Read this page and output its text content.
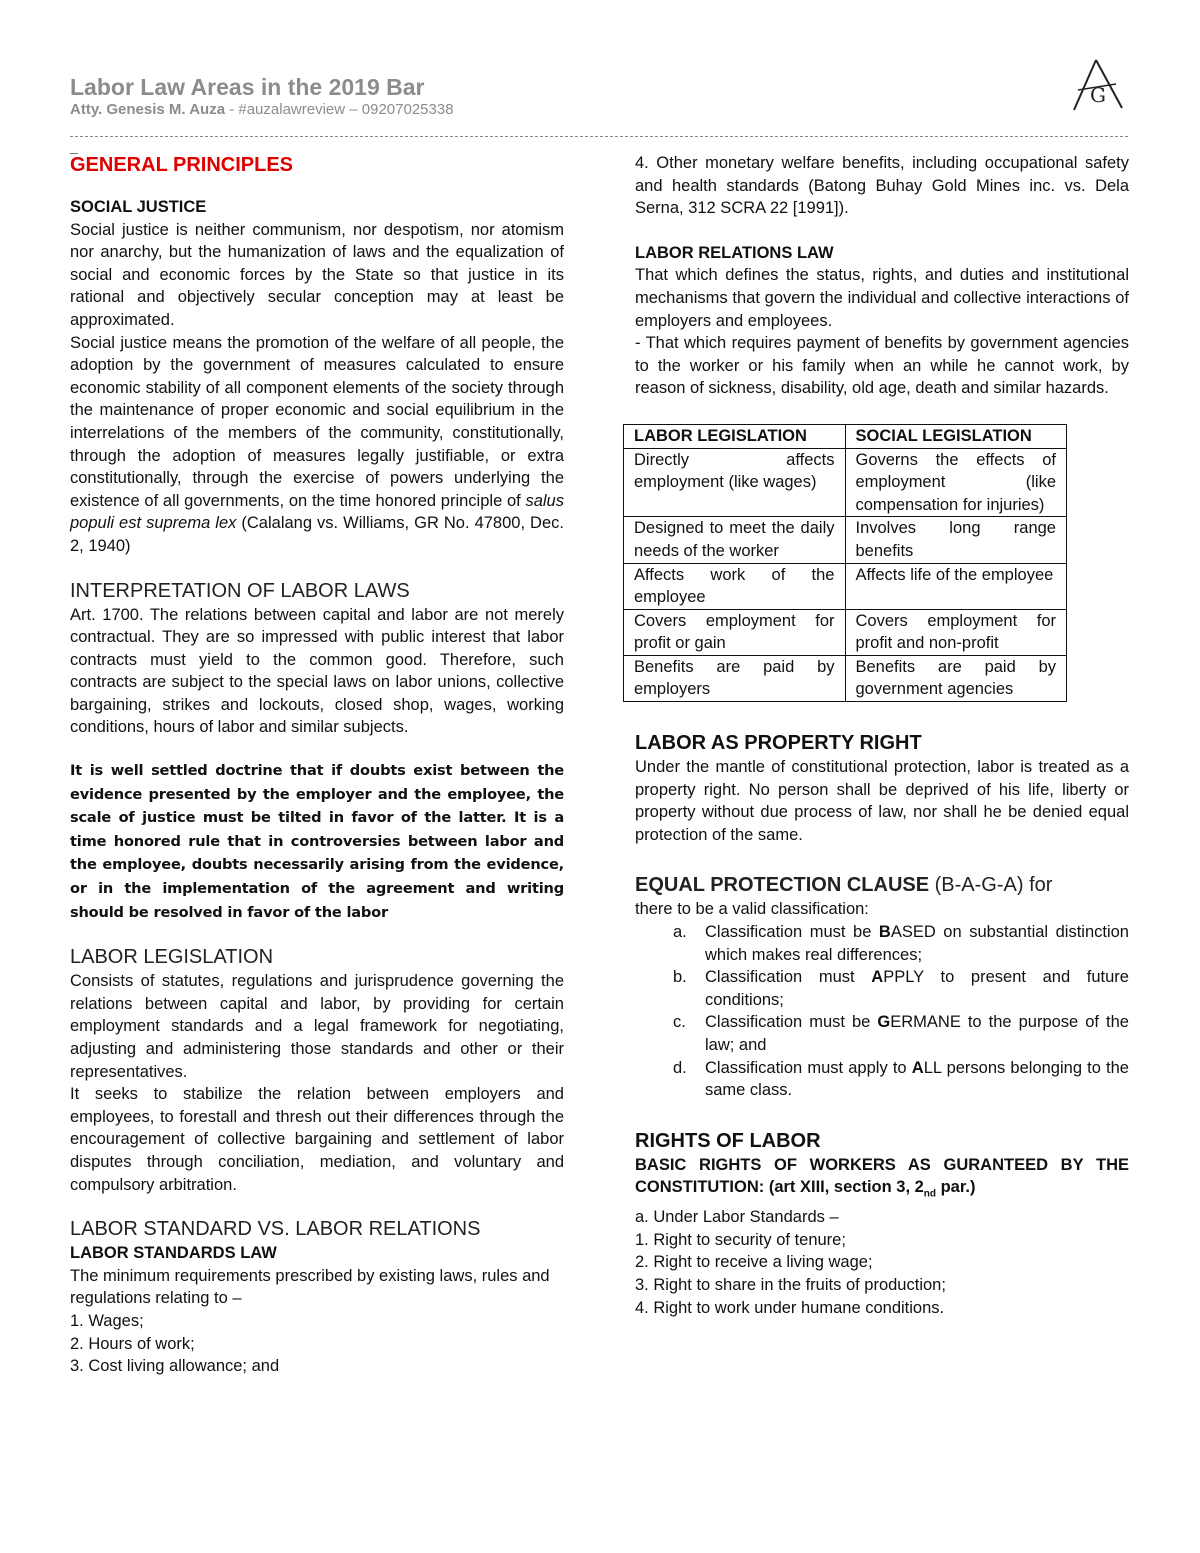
Labor Law Areas in the 2019 Bar
Atty. Genesis M. Auza - #auzalawreview – 09207025338
G
_

GENERAL PRINCIPLES

SOCIAL JUSTICE

Social justice is neither communism, nor despotism, nor atomism nor anarchy, but the humanization of laws and the equalization of social and economic forces by the State so that justice in its rational and objectively secular conception may at least be approximated.

Social justice means the promotion of the welfare of all people, the adoption by the government of measures calculated to ensure economic stability of all component elements of the society through the maintenance of proper economic and social equilibrium in the interrelations of the members of the community, constitutionally, through the adoption of measures legally justifiable, or extra constitutionally, through the exercise of powers underlying the existence of all governments, on the time honored principle of salus populi est suprema lex (Calalang vs. Williams, GR No. 47800, Dec. 2, 1940)

INTERPRETATION OF LABOR LAWS

Art. 1700. The relations between capital and labor are not merely contractual. They are so impressed with public interest that labor contracts must yield to the common good. Therefore, such contracts are subject to the special laws on labor unions, collective bargaining, strikes and lockouts, closed shop, wages, working conditions, hours of labor and similar subjects.

It is well settled doctrine that if doubts exist between the evidence presented by the employer and the employee, the scale of justice must be tilted in favor of the latter. It is a time honored rule that in controversies between labor and the employee, doubts necessarily arising from the evidence, or in the implementation of the agreement and writing should be resolved in favor of the labor

LABOR LEGISLATION

Consists of statutes, regulations and jurisprudence governing the relations between capital and labor, by providing for certain employment standards and a legal framework for negotiating, adjusting and administering those standards and other or their representatives.

It seeks to stabilize the relation between employers and employees, to forestall and thresh out their differences through the encouragement of collective bargaining and settlement of labor disputes through conciliation, mediation, and voluntary and compulsory arbitration.

LABOR STANDARD VS. LABOR RELATIONS

LABOR STANDARDS LAW

The minimum requirements prescribed by existing laws, rules and regulations relating to –

1. Wages;

2. Hours of work;

3. Cost living allowance; and

4. Other monetary welfare benefits, including occupational safety and health standards (Batong Buhay Gold Mines inc. vs. Dela Serna, 312 SCRA 22 [1991]).

LABOR RELATIONS LAW

That which defines the status, rights, and duties and institutional mechanisms that govern the individual and collective interactions of employers and employees.

- That which requires payment of benefits by government agencies to the worker or his family when an while he cannot work, by reason of sickness, disability, old age, death and similar hazards.

LABOR LEGISLATION	SOCIAL LEGISLATION
Directly affects employment (like wages)	Governs the effects of employment (like compensation for injuries)
Designed to meet the daily needs of the worker	Involves long range benefits
Affects work of the employee	Affects life of the employee
Covers employment for profit or gain	Covers employment for profit and non-profit
Benefits are paid by employers	Benefits are paid by government agencies

LABOR AS PROPERTY RIGHT

Under the mantle of constitutional protection, labor is treated as a property right. No person shall be deprived of his life, liberty or property without due process of law, nor shall he be denied equal protection of the same.

EQUAL PROTECTION CLAUSE (B-A-G-A) for

there to be a valid classification:

a. Classification must be BASED on substantial distinction which makes real differences;
b. Classification must APPLY to present and future conditions;
c. Classification must be GERMANE to the purpose of the law; and
d. Classification must apply to ALL persons belonging to the same class.

RIGHTS OF LABOR

BASIC RIGHTS OF WORKERS AS GURANTEED BY THE CONSTITUTION: (art XIII, section 3, $2_{nd}$ par.)

a. Under Labor Standards –

1. Right to security of tenure;

2. Right to receive a living wage;

3. Right to share in the fruits of production;

4. Right to work under humane conditions.
